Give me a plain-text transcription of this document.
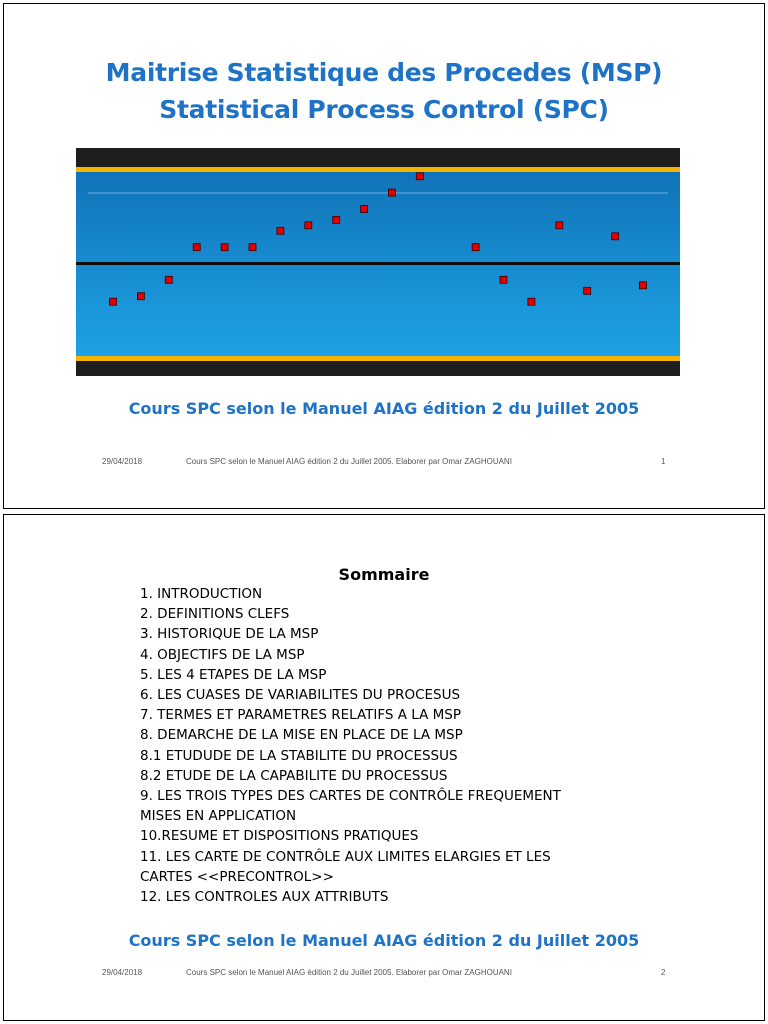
Maitrise Statistique des Procedes (MSP)
Statistical Process Control (SPC)
Cours SPC selon le Manuel AIAG édition 2 du Juillet 2005
29/04/2018	Cours SPC selon le Manuel AIAG édition 2 du Juillet 2005. Elaborer par Omar ZAGHOUANI	1
Sommaire
1. INTRODUCTION
2. DEFINITIONS CLEFS
3. HISTORIQUE DE LA MSP
4. OBJECTIFS DE LA MSP
5. LES 4 ETAPES DE LA MSP
6. LES CUASES DE VARIABILITES DU PROCESUS
7. TERMES ET PARAMETRES RELATIFS A LA MSP
8. DEMARCHE DE LA MISE EN PLACE DE LA MSP
8.1 ETUDUDE DE LA STABILITE DU PROCESSUS
8.2 ETUDE DE LA CAPABILITE DU PROCESSUS
9. LES TROIS TYPES DES CARTES DE CONTRÔLE FREQUEMENT
MISES EN APPLICATION
10.RESUME ET DISPOSITIONS PRATIQUES
11. LES CARTE DE CONTRÔLE AUX LIMITES ELARGIES ET LES
CARTES <<PRECONTROL>>
12. LES CONTROLES AUX ATTRIBUTS
Cours SPC selon le Manuel AIAG édition 2 du Juillet 2005
29/04/2018	Cours SPC selon le Manuel AIAG édition 2 du Juillet 2005. Elaborer par Omar ZAGHOUANI	2
